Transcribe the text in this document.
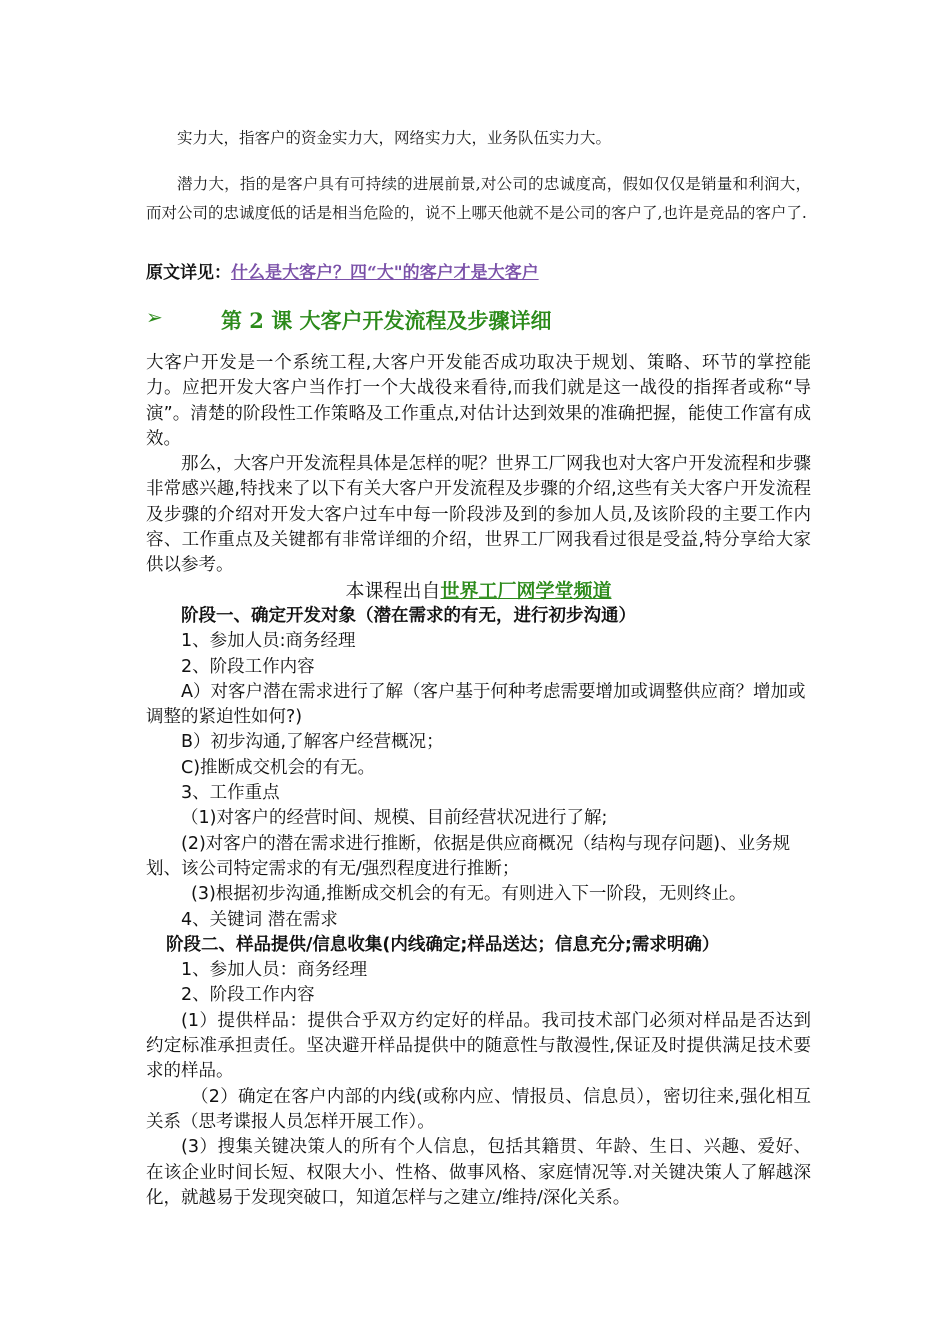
实力大，指客户的资金实力大，网络实力大，业务队伍实力大。

潜力大，指的是客户具有可持续的进展前景,对公司的忠诚度高，假如仅仅是销量和利润大，而对公司的忠诚度低的话是相当危险的，说不上哪天他就不是公司的客户了,也许是竞品的客户了.

原文详见：什么是大客户？四“大"的客户才是大客户
➢	第 2 课 大客户开发流程及步骤详细

大客户开发是一个系统工程,大客户开发能否成功取决于规划、策略、环节的掌控能力。应把开发大客户当作打一个大战役来看待,而我们就是这一战役的指挥者或称“导演”。清楚的阶段性工作策略及工作重点,对估计达到效果的准确把握，能使工作富有成效。

那么，大客户开发流程具体是怎样的呢？世界工厂网我也对大客户开发流程和步骤非常感兴趣,特找来了以下有关大客户开发流程及步骤的介绍,这些有关大客户开发流程及步骤的介绍对开发大客户过车中每一阶段涉及到的参加人员,及该阶段的主要工作内容、工作重点及关键都有非常详细的介绍，世界工厂网我看过很是受益,特分享给大家供以参考。

本课程出自世界工厂网学堂频道

阶段一、确定开发对象（潜在需求的有无，进行初步沟通）

1、参加人员:商务经理

2、阶段工作内容

A）对客户潜在需求进行了解（客户基于何种考虑需要增加或调整供应商？增加或调整的紧迫性如何?)

B）初步沟通,了解客户经营概况；

C)推断成交机会的有无。

3、工作重点

（1)对客户的经营时间、规模、目前经营状况进行了解;

(2)对客户的潜在需求进行推断，依据是供应商概况（结构与现存问题)、业务规划、该公司特定需求的有无/强烈程度进行推断；

(3)根据初步沟通,推断成交机会的有无。有则进入下一阶段，无则终止。

4、关键词 潜在需求

阶段二、样品提供/信息收集(内线确定;样品送达；信息充分;需求明确）

1、参加人员：商务经理

2、阶段工作内容

(1）提供样品：提供合乎双方约定好的样品。我司技术部门必须对样品是否达到约定标准承担责任。坚决避开样品提供中的随意性与散漫性,保证及时提供满足技术要求的样品。

（2）确定在客户内部的内线(或称内应、情报员、信息员），密切往来,强化相互关系（思考谍报人员怎样开展工作）。

(3）搜集关键决策人的所有个人信息，包括其籍贯、年龄、生日、兴趣、爱好、在该企业时间长短、权限大小、性格、做事风格、家庭情况等.对关键决策人了解越深化，就越易于发现突破口，知道怎样与之建立/维持/深化关系。
